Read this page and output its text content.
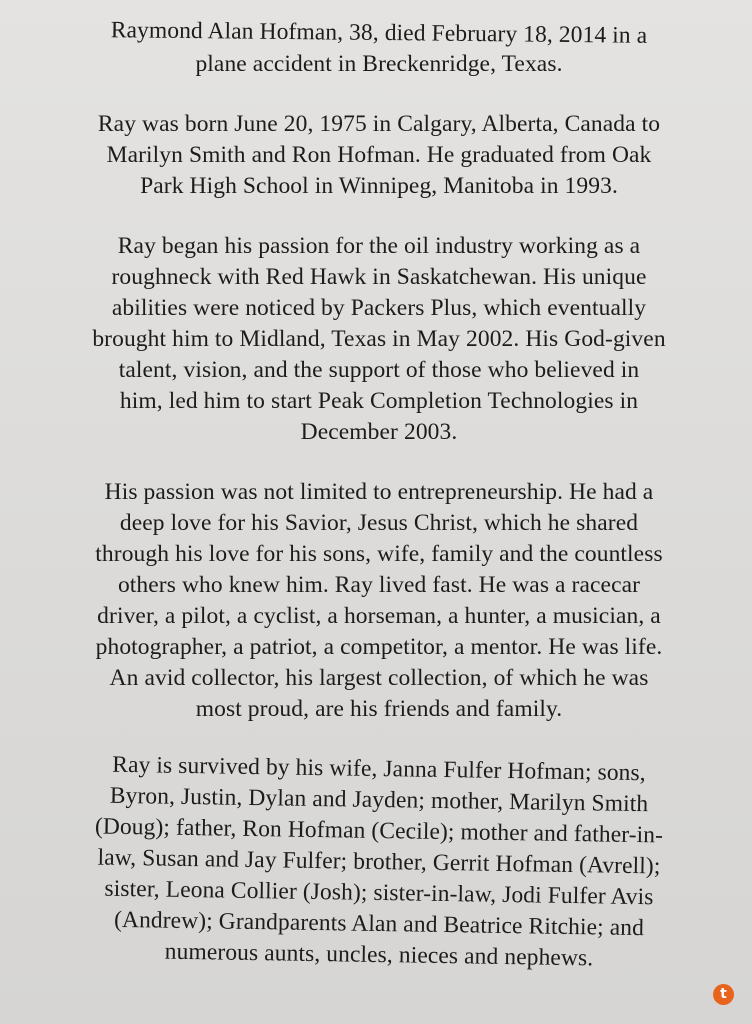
Raymond Alan Hofman, 38, died February 18, 2014 in a
plane accident in Breckenridge, Texas.
Ray was born June 20, 1975 in Calgary, Alberta, Canada to
Marilyn Smith and Ron Hofman. He graduated from Oak
Park High School in Winnipeg, Manitoba in 1993.
Ray began his passion for the oil industry working as a
roughneck with Red Hawk in Saskatchewan. His unique
abilities were noticed by Packers Plus, which eventually
brought him to Midland, Texas in May 2002. His God-given
talent, vision, and the support of those who believed in
him, led him to start Peak Completion Technologies in
December 2003.
His passion was not limited to entrepreneurship. He had a
deep love for his Savior, Jesus Christ, which he shared
through his love for his sons, wife, family and the countless
others who knew him. Ray lived fast. He was a racecar
driver, a pilot, a cyclist, a horseman, a hunter, a musician, a
photographer, a patriot, a competitor, a mentor. He was life.
An avid collector, his largest collection, of which he was
most proud, are his friends and family.
Ray is survived by his wife, Janna Fulfer Hofman; sons,
Byron, Justin, Dylan and Jayden; mother, Marilyn Smith
(Doug); father, Ron Hofman (Cecile); mother and father-in-
law, Susan and Jay Fulfer; brother, Gerrit Hofman (Avrell);
sister, Leona Collier (Josh); sister-in-law, Jodi Fulfer Avis
(Andrew); Grandparents Alan and Beatrice Ritchie; and
numerous aunts, uncles, nieces and nephews.
t
